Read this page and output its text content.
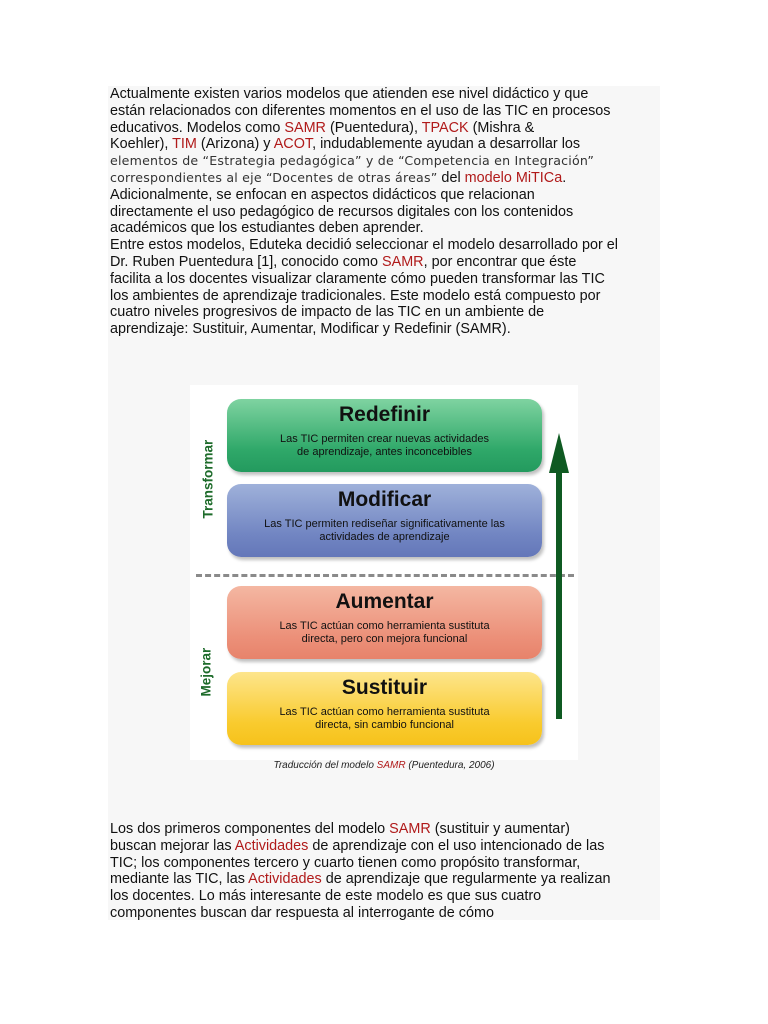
Actualmente existen varios modelos que atienden ese nivel didáctico y que
están relacionados con diferentes momentos en el uso de las TIC en procesos
educativos. Modelos como SAMR (Puentedura), TPACK (Mishra &
Koehler), TIM (Arizona) y ACOT, indudablemente ayudan a desarrollar los
elementos de “Estrategia pedagógica” y de “Competencia en Integración”
correspondientes al eje “Docentes de otras áreas” del modelo MiTICa.
Adicionalmente, se enfocan en aspectos didácticos que relacionan
directamente el uso pedagógico de recursos digitales con los contenidos
académicos que los estudiantes deben aprender.
Entre estos modelos, Eduteka decidió seleccionar el modelo desarrollado por el
Dr. Ruben Puentedura [1], conocido como SAMR, por encontrar que éste
facilita a los docentes visualizar claramente cómo pueden transformar las TIC
los ambientes de aprendizaje tradicionales. Este modelo está compuesto por
cuatro niveles progresivos de impacto de las TIC en un ambiente de
aprendizaje: Sustituir, Aumentar, Modificar y Redefinir (SAMR).
Transformar
Mejorar
Redefinir
Las TIC permiten crear nuevas actividades
de aprendizaje, antes inconcebibles
Modificar
Las TIC permiten rediseñar significativamente las
actividades de aprendizaje
Aumentar
Las TIC actúan como herramienta sustituta
directa, pero con mejora funcional
Sustituir
Las TIC actúan como herramienta sustituta
directa, sin cambio funcional
Traducción del modelo SAMR (Puentedura, 2006)
Los dos primeros componentes del modelo SAMR (sustituir y aumentar)
buscan mejorar las Actividades de aprendizaje con el uso intencionado de las
TIC; los componentes tercero y cuarto tienen como propósito transformar,
mediante las TIC, las Actividades de aprendizaje que regularmente ya realizan
los docentes. Lo más interesante de este modelo es que sus cuatro
componentes buscan dar respuesta al interrogante de cómo
